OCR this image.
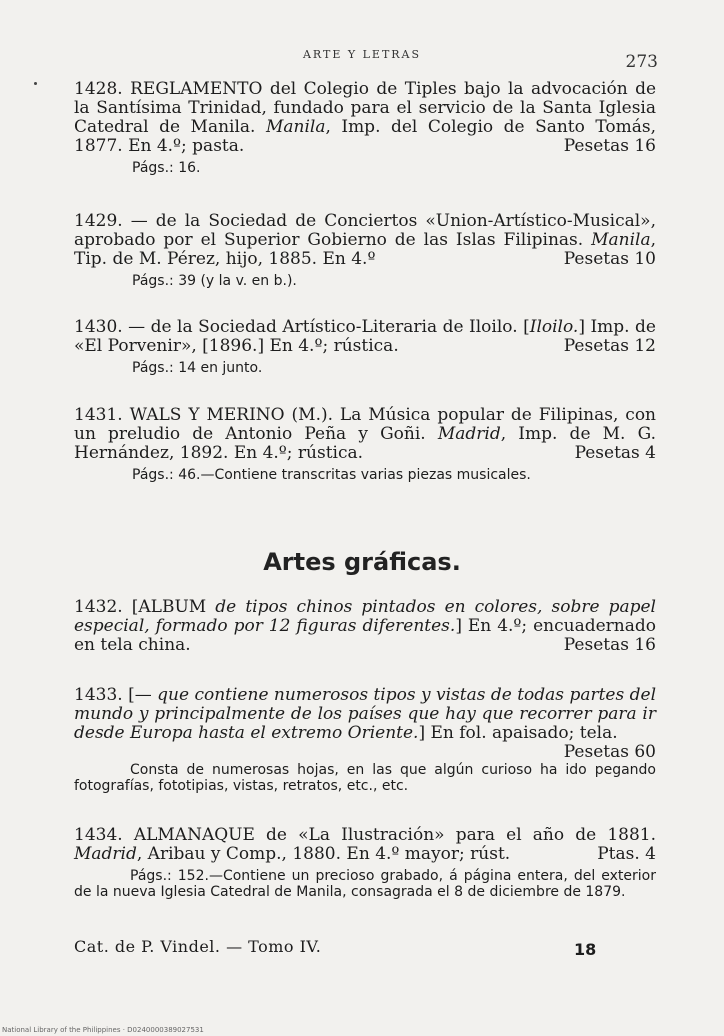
ARTE Y LETRAS	273
1428. REGLAMENTO del Colegio de Tiples bajo la advocación de la Santísima Trinidad, fundado para el servicio de la Santa Iglesia Catedral de Manila. Manila, Imp. del Colegio de Santo Tomás, 1877. En 4.º; pasta.	Pesetas 16
Págs.: 16.
1429. — de la Sociedad de Conciertos «Union-Artístico-Musical», aprobado por el Superior Gobierno de las Islas Filipinas. Manila, Tip. de M. Pérez, hijo, 1885. En 4.º	Pesetas 10
Págs.: 39 (y la v. en b.).
1430. — de la Sociedad Artístico-Literaria de Iloilo. [Iloilo.] Imp. de «El Porvenir», [1896.] En 4.º; rústica.	Pesetas 12
Págs.: 14 en junto.
1431. WALS Y MERINO (M.). La Música popular de Filipinas, con un preludio de Antonio Peña y Goñi. Madrid, Imp. de M. G. Hernández, 1892. En 4.º; rústica.	Pesetas 4
Págs.: 46.—Contiene transcritas varias piezas musicales.
Artes gráficas.
1432. [ALBUM de tipos chinos pintados en colores, sobre papel especial, formado por 12 figuras diferentes.] En 4.º; encuadernado en tela china.	Pesetas 16
1433. [— que contiene numerosos tipos y vistas de todas partes del mundo y principalmente de los países que hay que recorrer para ir desde Europa hasta el extremo Oriente.] En fol. apaisado; tela.
Pesetas 60
Consta de numerosas hojas, en las que algún curioso ha ido pegando fotografías, fototipias, vistas, retratos, etc., etc.
1434. ALMANAQUE de «La Ilustración» para el año de 1881. Madrid, Aribau y Comp., 1880. En 4.º mayor; rúst.	Ptas. 4
Págs.: 152.—Contiene un precioso grabado, á página entera, del exterior de la nueva Iglesia Catedral de Manila, consagrada el 8 de diciembre de 1879.
Cat. de P. Vindel. — Tomo IV.	18
National Library of the Philippines · D0240000389027531
